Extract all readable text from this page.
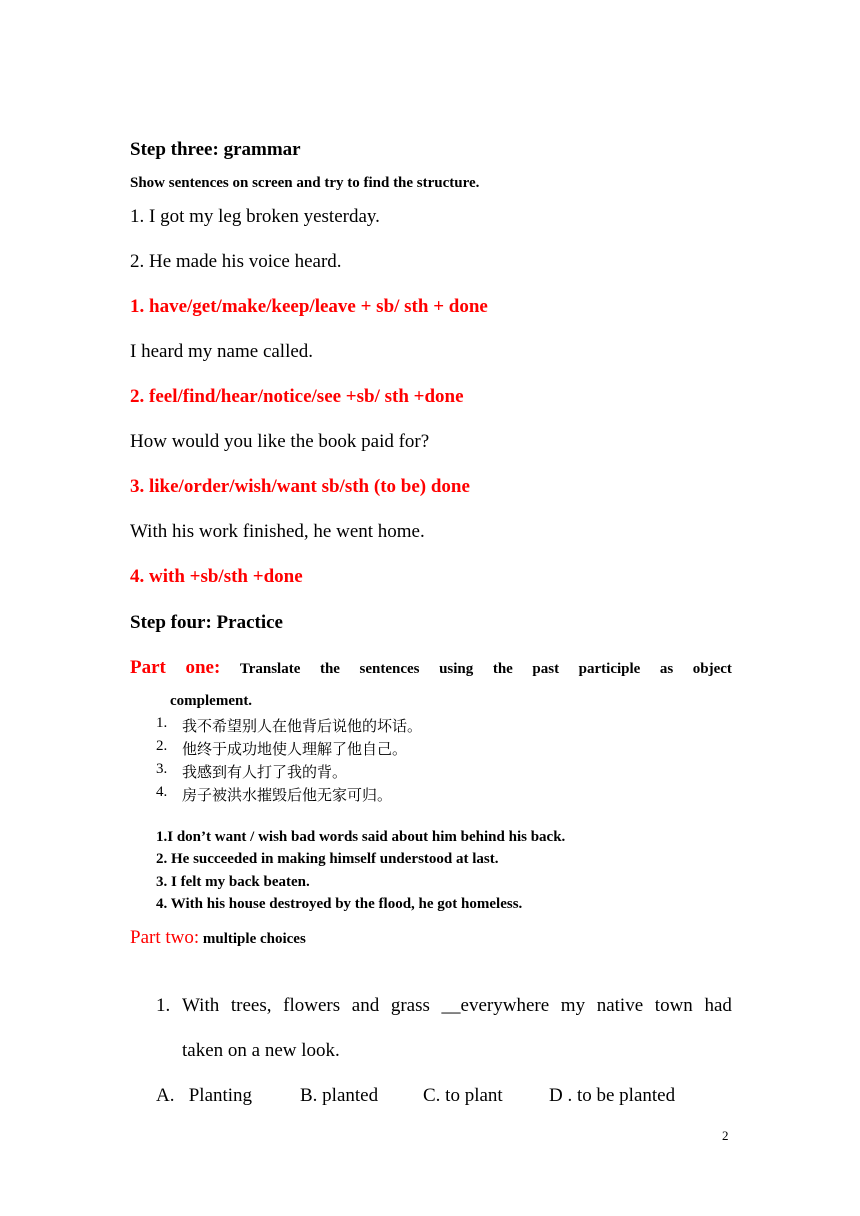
Step three: grammar
Show sentences on screen and try to find the structure.
1. I got my leg broken yesterday.
2. He made his voice heard.
1. have/get/make/keep/leave + sb/ sth + done
I heard my name called.
2. feel/find/hear/notice/see +sb/ sth +done
How would you like the book paid for?
3. like/order/wish/want sb/sth (to be) done
With his work finished, he went home.
4. with +sb/sth +done
Step four: Practice
Part one: Translate the sentences using the past participle as object
complement.
1. 我不希望别人在他背后说他的坏话。
2. 他终于成功地使人理解了他自己。
3. 我感到有人打了我的背。
4. 房子被洪水摧毁后他无家可归。
1.I don’t want / wish bad words said about him behind his back.
2. He succeeded in making himself understood at last.
3. I felt my back beaten.
4. With his house destroyed by the flood, he got homeless.
Part two: multiple choices
1. With trees, flowers and grass __everywhere my native town had
taken on a new look.
A.   Planting	B. planted C. to plant D . to be planted
2
